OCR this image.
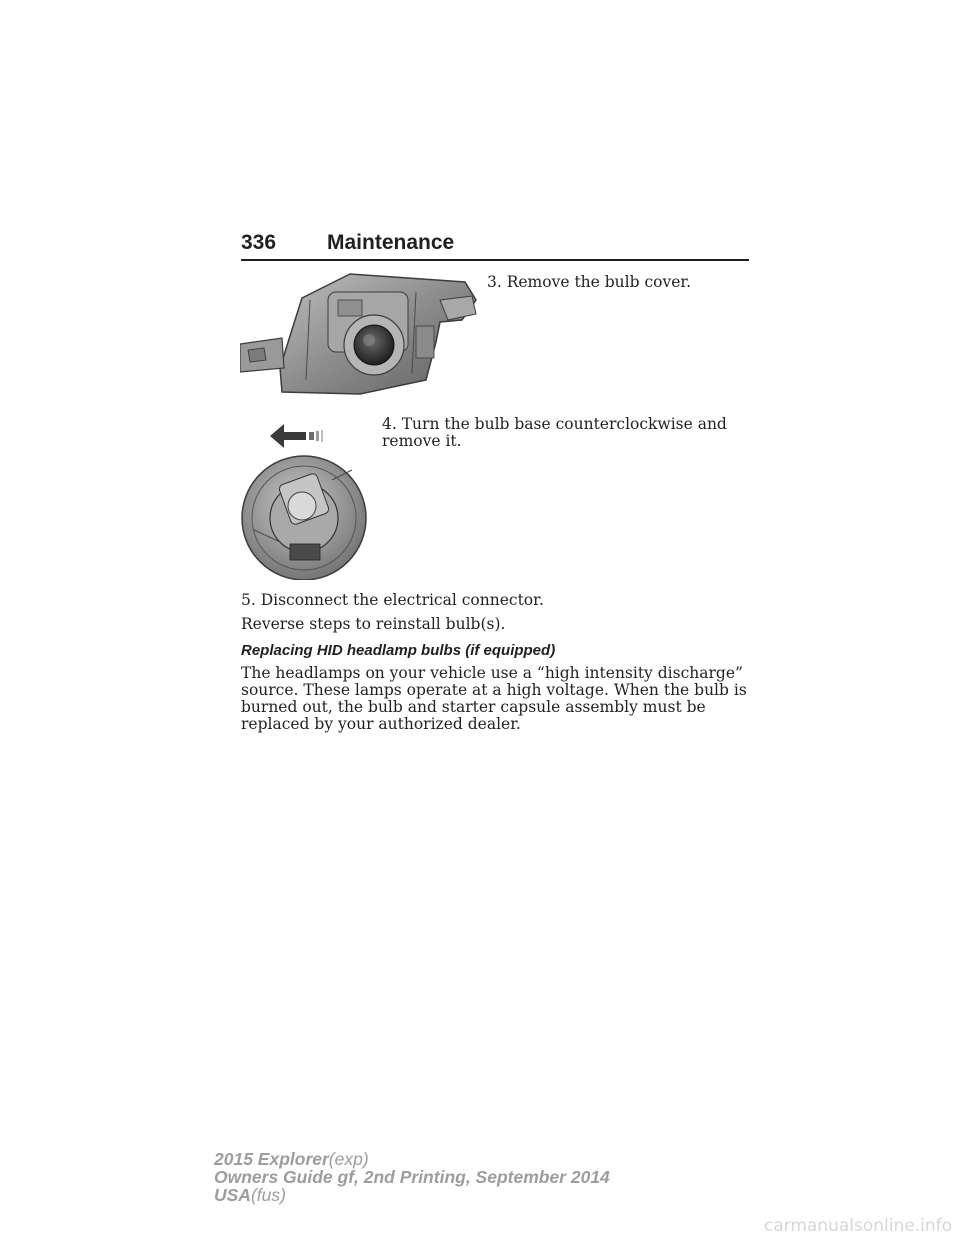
336 Maintenance
3. Remove the bulb cover.
4. Turn the bulb base counterclockwise and remove it.
5. Disconnect the electrical connector.
Reverse steps to reinstall bulb(s).
Replacing HID headlamp bulbs (if equipped)
The headlamps on your vehicle use a “high intensity discharge” source. These lamps operate at a high voltage. When the bulb is burned out, the bulb and starter capsule assembly must be replaced by your authorized dealer.
2015 Explorer(exp)
Owners Guide gf, 2nd Printing, September 2014
USA(fus)
carmanualsonline.info
